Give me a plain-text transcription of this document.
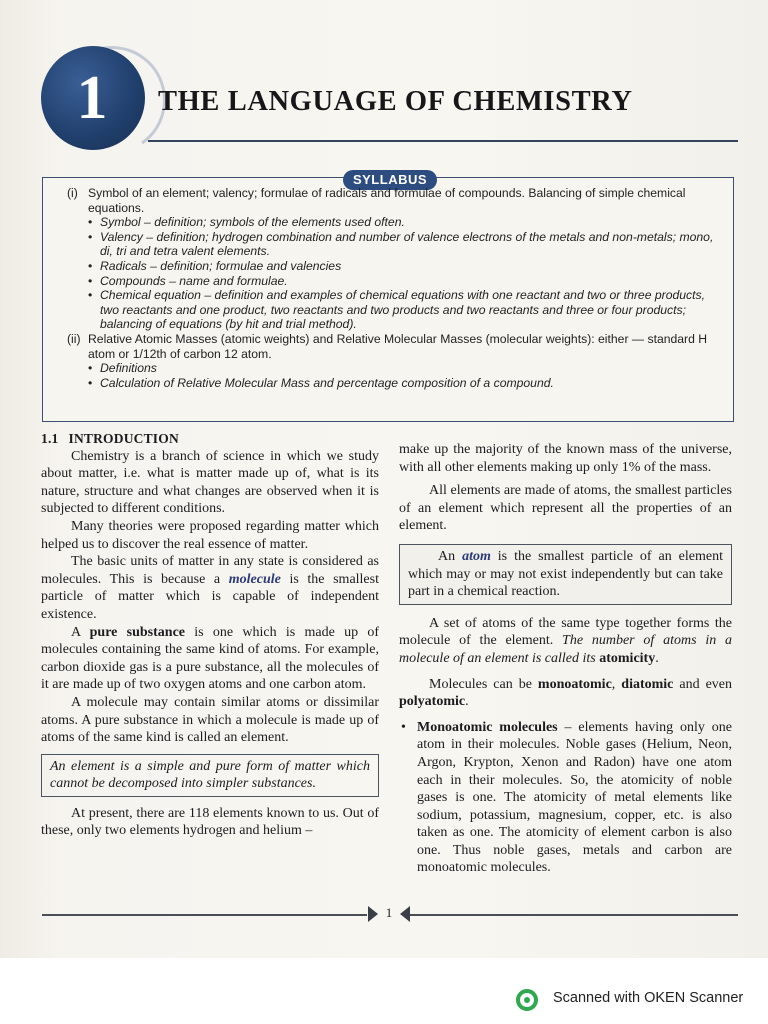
1	THE LANGUAGE OF CHEMISTRY
SYLLABUS
(i) Symbol of an element; valency; formulae of radicals and formulae of compounds. Balancing of simple chemical equations.
• Symbol – definition; symbols of the elements used often.
• Valency – definition; hydrogen combination and number of valence electrons of the metals and non-metals; mono, di, tri and tetra valent elements.
• Radicals – definition; formulae and valencies
• Compounds – name and formulae.
• Chemical equation – definition and examples of chemical equations with one reactant and two or three products, two reactants and one product, two reactants and two products and two reactants and three or four products; balancing of equations (by hit and trial method).
(ii) Relative Atomic Masses (atomic weights) and Relative Molecular Masses (molecular weights): either — standard H atom or 1/12th of carbon 12 atom.
• Definitions
• Calculation of Relative Molecular Mass and percentage composition of a compound.

1.1 INTRODUCTION

Chemistry is a branch of science in which we study about matter, i.e. what is matter made up of, what is its nature, structure and what changes are observed when it is subjected to different conditions.

Many theories were proposed regarding matter which helped us to discover the real essence of matter.

The basic units of matter in any state is considered as molecules. This is because a molecule is the smallest particle of matter which is capable of independent existence.

A pure substance is one which is made up of molecules containing the same kind of atoms. For example, carbon dioxide gas is a pure substance, all the molecules of it are made up of two oxygen atoms and one carbon atom.

A molecule may contain similar atoms or dissimilar atoms. A pure substance in which a molecule is made up of atoms of the same kind is called an element.

An element is a simple and pure form of matter which cannot be decomposed into simpler substances.

At present, there are 118 elements known to us. Out of these, only two elements hydrogen and helium –

make up the majority of the known mass of the universe, with all other elements making up only 1% of the mass.

All elements are made of atoms, the smallest particles of an element which represent all the properties of an element.

An atom is the smallest particle of an element which may or may not exist independently but can take part in a chemical reaction.

A set of atoms of the same type together forms the molecule of the element. The number of atoms in a molecule of an element is called its atomicity.

Molecules can be monoatomic, diatomic and even polyatomic.

• Monoatomic molecules – elements having only one atom in their molecules. Noble gases (Helium, Neon, Argon, Krypton, Xenon and Radon) have one atom each in their molecules. So, the atomicity of noble gases is one. The atomicity of metal elements like sodium, potassium, magnesium, copper, etc. is also taken as one. The atomicity of element carbon is also one. Thus noble gases, metals and carbon are monoatomic molecules.

1
Scanned with OKEN Scanner
